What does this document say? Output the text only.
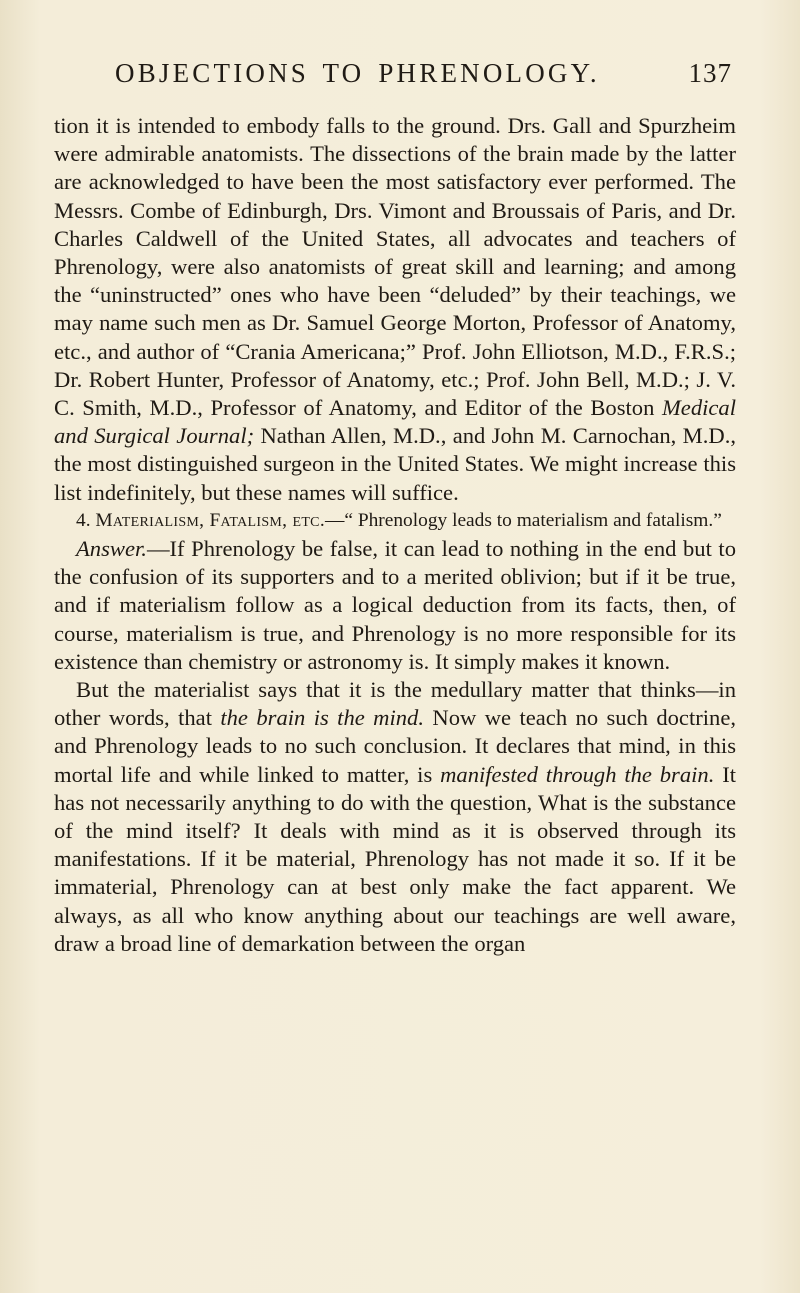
OBJECTIONS TO PHRENOLOGY.	137

tion it is intended to embody falls to the ground. Drs. Gall and Spurzheim were admirable anatomists. The dissections of the brain made by the latter are acknowledged to have been the most satisfactory ever performed. The Messrs. Combe of Edinburgh, Drs. Vimont and Broussais of Paris, and Dr. Charles Caldwell of the United States, all advocates and teachers of Phrenology, were also anatomists of great skill and learning; and among the “uninstructed” ones who have been “deluded” by their teachings, we may name such men as Dr. Samuel George Morton, Professor of Anatomy, etc., and author of “Crania Americana;” Prof. John Elliotson, M.D., F.R.S.; Dr. Robert Hunter, Professor of Anatomy, etc.; Prof. John Bell, M.D.; J. V. C. Smith, M.D., Professor of Anatomy, and Editor of the Boston Medical and Surgical Journal; Nathan Allen, M.D., and John M. Carnochan, M.D., the most distinguished surgeon in the United States. We might increase this list indefinitely, but these names will suffice.

4. Materialism, Fatalism, etc.—“ Phrenology leads to materialism and fatalism.”

Answer.—If Phrenology be false, it can lead to nothing in the end but to the confusion of its supporters and to a merited oblivion; but if it be true, and if materialism follow as a logical deduction from its facts, then, of course, materialism is true, and Phrenology is no more responsible for its existence than chemistry or astronomy is. It simply makes it known.

But the materialist says that it is the medullary matter that thinks—in other words, that the brain is the mind. Now we teach no such doctrine, and Phrenology leads to no such conclusion. It declares that mind, in this mortal life and while linked to matter, is manifested through the brain. It has not necessarily anything to do with the question, What is the substance of the mind itself? It deals with mind as it is observed through its manifestations. If it be material, Phrenology has not made it so. If it be immaterial, Phrenology can at best only make the fact apparent. We always, as all who know anything about our teachings are well aware, draw a broad line of demarkation between the organ
